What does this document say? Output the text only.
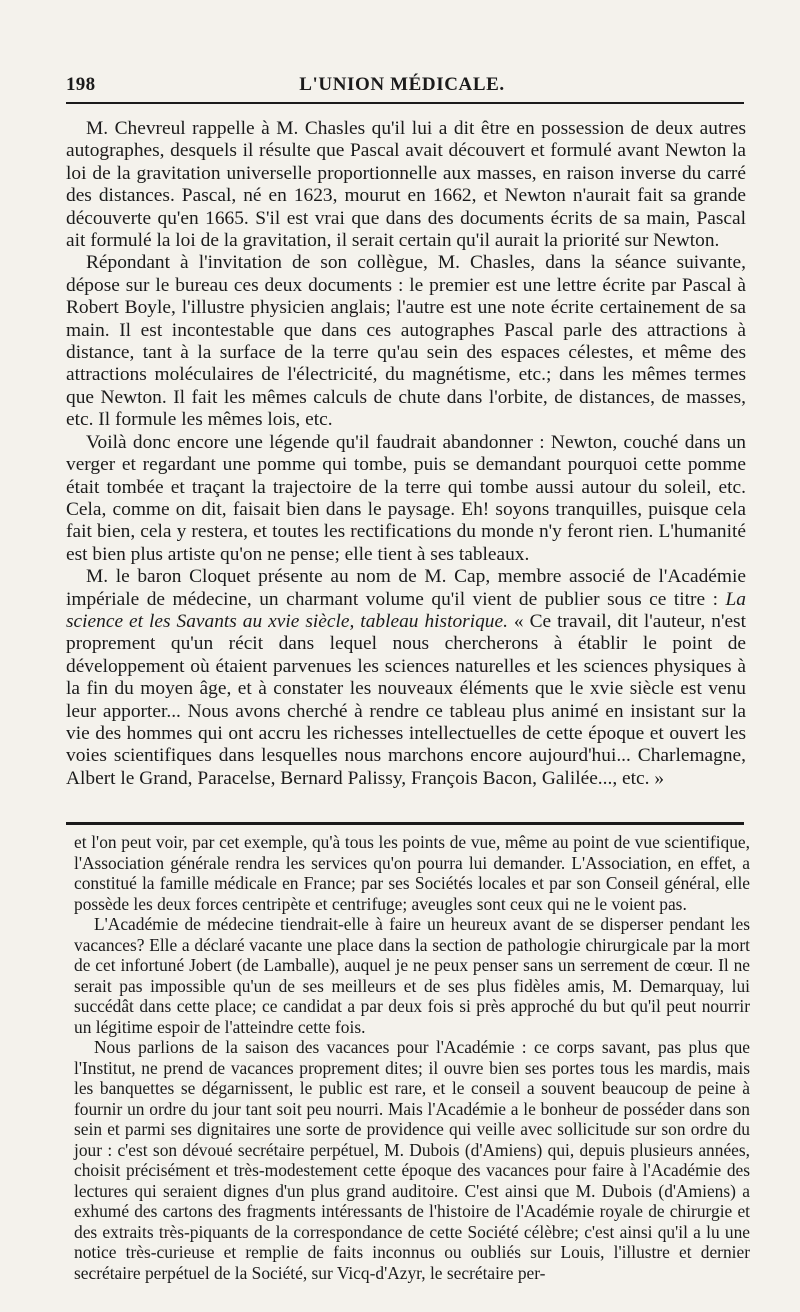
198	L'UNION MÉDICALE.

M. Chevreul rappelle à M. Chasles qu'il lui a dit être en possession de deux autres autographes, desquels il résulte que Pascal avait découvert et formulé avant Newton la loi de la gravitation universelle proportionnelle aux masses, en raison inverse du carré des distances. Pascal, né en 1623, mourut en 1662, et Newton n'aurait fait sa grande découverte qu'en 1665. S'il est vrai que dans des documents écrits de sa main, Pascal ait formulé la loi de la gravitation, il serait certain qu'il aurait la priorité sur Newton.

Répondant à l'invitation de son collègue, M. Chasles, dans la séance suivante, dépose sur le bureau ces deux documents : le premier est une lettre écrite par Pascal à Robert Boyle, l'illustre physicien anglais; l'autre est une note écrite certainement de sa main. Il est incontestable que dans ces autographes Pascal parle des attractions à distance, tant à la surface de la terre qu'au sein des espaces célestes, et même des attractions moléculaires de l'électricité, du magnétisme, etc.; dans les mêmes termes que Newton. Il fait les mêmes calculs de chute dans l'orbite, de distances, de masses, etc. Il formule les mêmes lois, etc.

Voilà donc encore une légende qu'il faudrait abandonner : Newton, couché dans un verger et regardant une pomme qui tombe, puis se demandant pourquoi cette pomme était tombée et traçant la trajectoire de la terre qui tombe aussi autour du soleil, etc. Cela, comme on dit, faisait bien dans le paysage. Eh! soyons tranquilles, puisque cela fait bien, cela y restera, et toutes les rectifications du monde n'y feront rien. L'humanité est bien plus artiste qu'on ne pense; elle tient à ses tableaux.

M. le baron Cloquet présente au nom de M. Cap, membre associé de l'Académie impériale de médecine, un charmant volume qu'il vient de publier sous ce titre : La science et les Savants au xvie siècle, tableau historique. « Ce travail, dit l'auteur, n'est proprement qu'un récit dans lequel nous chercherons à établir le point de développement où étaient parvenues les sciences naturelles et les sciences physiques à la fin du moyen âge, et à constater les nouveaux éléments que le xvie siècle est venu leur apporter... Nous avons cherché à rendre ce tableau plus animé en insistant sur la vie des hommes qui ont accru les richesses intellectuelles de cette époque et ouvert les voies scientifiques dans lesquelles nous marchons encore aujourd'hui... Charlemagne, Albert le Grand, Paracelse, Bernard Palissy, François Bacon, Galilée..., etc. »

et l'on peut voir, par cet exemple, qu'à tous les points de vue, même au point de vue scientifique, l'Association générale rendra les services qu'on pourra lui demander. L'Association, en effet, a constitué la famille médicale en France; par ses Sociétés locales et par son Conseil général, elle possède les deux forces centripète et centrifuge; aveugles sont ceux qui ne le voient pas.

L'Académie de médecine tiendrait-elle à faire un heureux avant de se disperser pendant les vacances? Elle a déclaré vacante une place dans la section de pathologie chirurgicale par la mort de cet infortuné Jobert (de Lamballe), auquel je ne peux penser sans un serrement de cœur. Il ne serait pas impossible qu'un de ses meilleurs et de ses plus fidèles amis, M. Demarquay, lui succédât dans cette place; ce candidat a par deux fois si près approché du but qu'il peut nourrir un légitime espoir de l'atteindre cette fois.

Nous parlions de la saison des vacances pour l'Académie : ce corps savant, pas plus que l'Institut, ne prend de vacances proprement dites; il ouvre bien ses portes tous les mardis, mais les banquettes se dégarnissent, le public est rare, et le conseil a souvent beaucoup de peine à fournir un ordre du jour tant soit peu nourri. Mais l'Académie a le bonheur de posséder dans son sein et parmi ses dignitaires une sorte de providence qui veille avec sollicitude sur son ordre du jour : c'est son dévoué secrétaire perpétuel, M. Dubois (d'Amiens) qui, depuis plusieurs années, choisit précisément et très-modestement cette époque des vacances pour faire à l'Académie des lectures qui seraient dignes d'un plus grand auditoire. C'est ainsi que M. Dubois (d'Amiens) a exhumé des cartons des fragments intéressants de l'histoire de l'Académie royale de chirurgie et des extraits très-piquants de la correspondance de cette Société célèbre; c'est ainsi qu'il a lu une notice très-curieuse et remplie de faits inconnus ou oubliés sur Louis, l'illustre et dernier secrétaire perpétuel de la Société, sur Vicq-d'Azyr, le secrétaire per-
